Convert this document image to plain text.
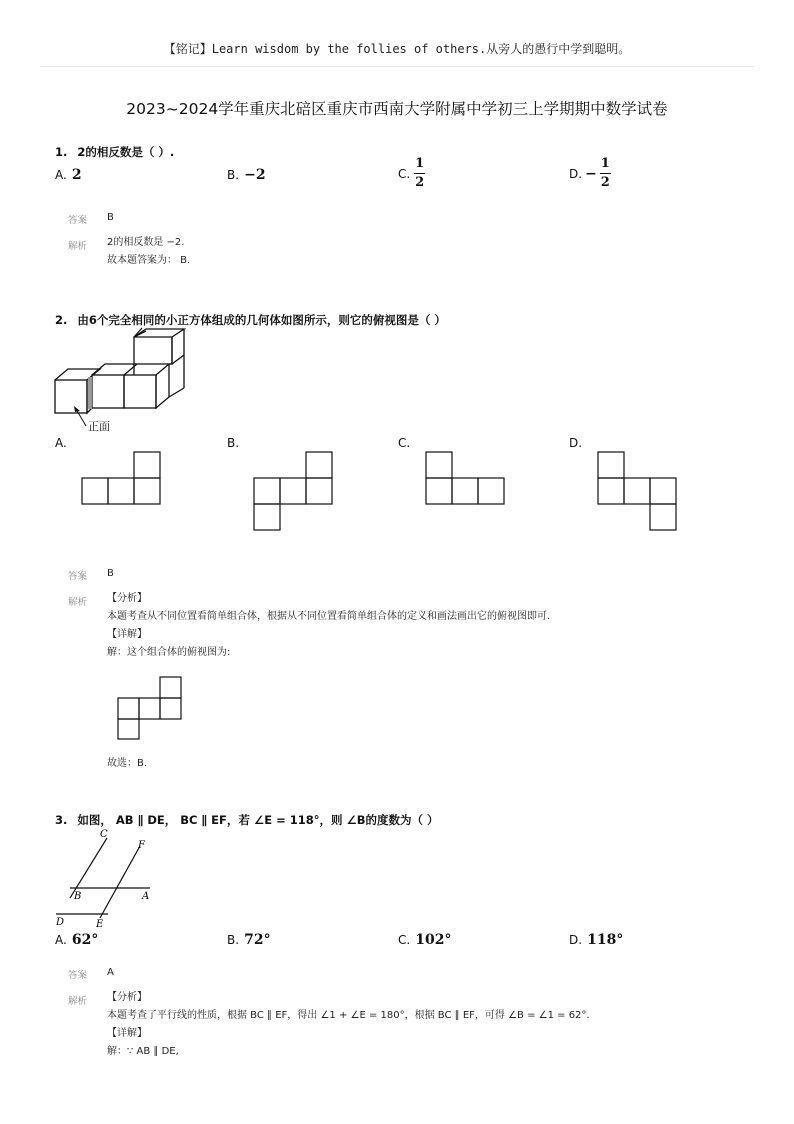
【铭记】Learn wisdom by the follies of others.从旁人的愚行中学到聪明。
2023~2024学年重庆北碚区重庆市西南大学附属中学初三上学期期中数学试卷
1. 2的相反数是（ ）.
A. 2	B. −2	C. $\frac{1}{2}$	D. − $\frac{1}{2}$
答案 B
解析 2的相反数是 −2.
故本题答案为： B.
2. 由6个完全相同的小正方体组成的几何体如图所示，则它的俯视图是（ ）
正面
A.	B.	C.	D.
答案 B
解析 【分析】
本题考查从不同位置看简单组合体，根据从不同位置看简单组合体的定义和画法画出它的俯视图即可.
【详解】
解：这个组合体的俯视图为:
故选：B.
3. 如图， AB ∥ DE， BC ∥ EF，若 ∠E = 118°，则 ∠B的度数为（ ）
C
F
B	A
D	E
A. 62°	B. 72°	C. 102°	D. 118°
答案 A
解析 【分析】
本题考查了平行线的性质，根据 BC ∥ EF，得出 ∠1 + ∠E = 180°，根据 BC ∥ EF，可得 ∠B = ∠1 = 62°.
【详解】
解：∵ AB ∥ DE,
